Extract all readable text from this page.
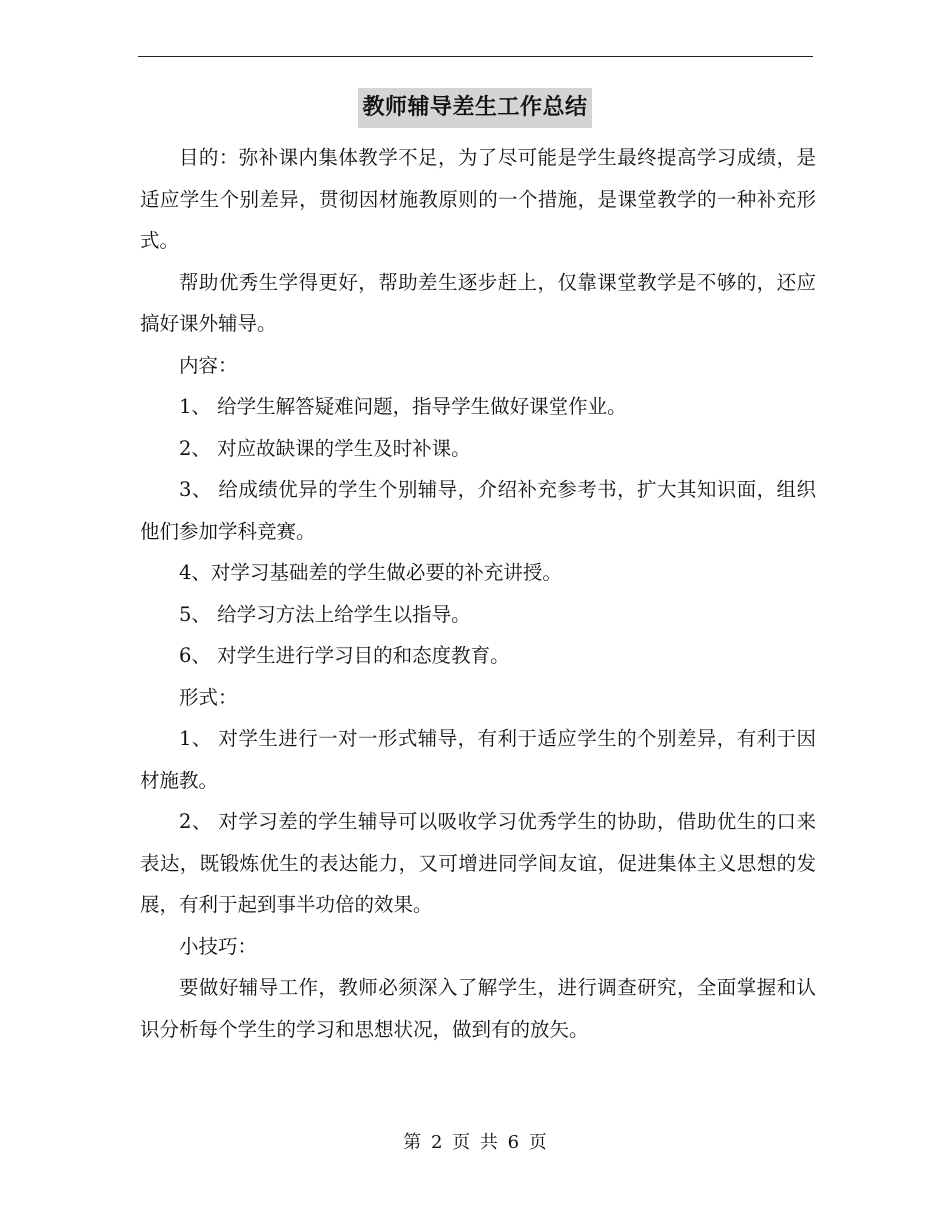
教师辅导差生工作总结

目的：弥补课内集体教学不足，为了尽可能是学生最终提高学习成绩，是适应学生个别差异，贯彻因材施教原则的一个措施，是课堂教学的一种补充形式。

帮助优秀生学得更好，帮助差生逐步赶上，仅靠课堂教学是不够的，还应搞好课外辅导。

内容：

1、 给学生解答疑难问题，指导学生做好课堂作业。

2、 对应故缺课的学生及时补课。

3、 给成绩优异的学生个别辅导，介绍补充参考书，扩大其知识面，组织他们参加学科竞赛。

4、对学习基础差的学生做必要的补充讲授。

5、 给学习方法上给学生以指导。

6、 对学生进行学习目的和态度教育。

形式：

1、 对学生进行一对一形式辅导，有利于适应学生的个别差异，有利于因材施教。

2、 对学习差的学生辅导可以吸收学习优秀学生的协助，借助优生的口来表达，既锻炼优生的表达能力，又可增进同学间友谊，促进集体主义思想的发展，有利于起到事半功倍的效果。

小技巧：

要做好辅导工作，教师必须深入了解学生，进行调查研究，全面掌握和认识分析每个学生的学习和思想状况，做到有的放矢。

第 2 页 共 6 页
